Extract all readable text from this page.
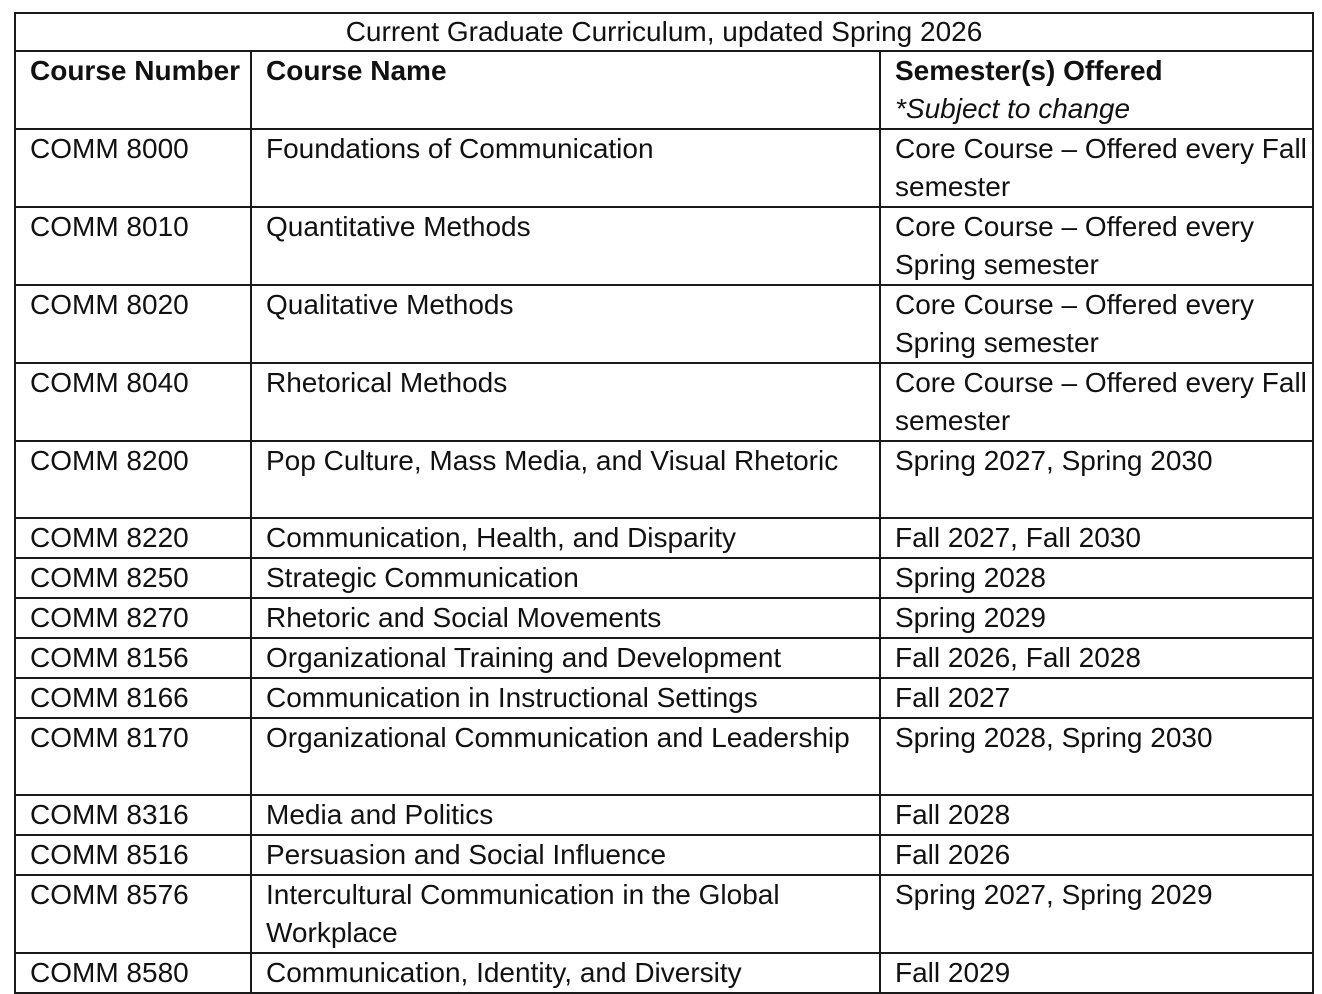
Current Graduate Curriculum, updated Spring 2026		
Course Number	Course Name	Semester(s) Offered
*Subject to change
COMM 8000	Foundations of Communication	Core Course – Offered every Fall semester
COMM 8010	Quantitative Methods	Core Course – Offered every Spring semester
COMM 8020	Qualitative Methods	Core Course – Offered every Spring semester
COMM 8040	Rhetorical Methods	Core Course – Offered every Fall semester
COMM 8200	Pop Culture, Mass Media, and Visual Rhetoric	Spring 2027, Spring 2030
COMM 8220	Communication, Health, and Disparity	Fall 2027, Fall 2030
COMM 8250	Strategic Communication	Spring 2028
COMM 8270	Rhetoric and Social Movements	Spring 2029
COMM 8156	Organizational Training and Development	Fall 2026, Fall 2028
COMM 8166	Communication in Instructional Settings	Fall 2027
COMM 8170	Organizational Communication and Leadership	Spring 2028, Spring 2030
COMM 8316	Media and Politics	Fall 2028
COMM 8516	Persuasion and Social Influence	Fall 2026
COMM 8576	Intercultural Communication in the Global Workplace	Spring 2027, Spring 2029
COMM 8580	Communication, Identity, and Diversity	Fall 2029
